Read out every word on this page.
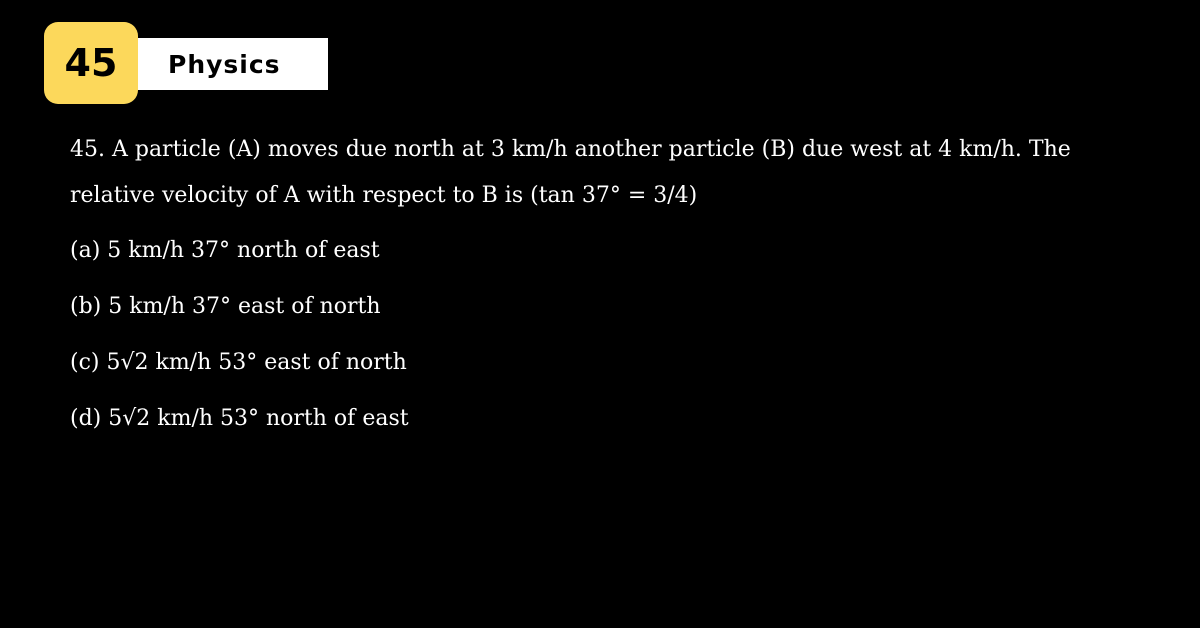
Physics
45

45. A particle (A) moves due north at 3 km/h another particle (B) due west at 4 km/h. The relative velocity of A with respect to B is (tan 37° = 3/4)

(a) 5 km/h 37° north of east
(b) 5 km/h 37° east of north
(c) 5√2 km/h 53° east of north
(d) 5√2 km/h 53° north of east
